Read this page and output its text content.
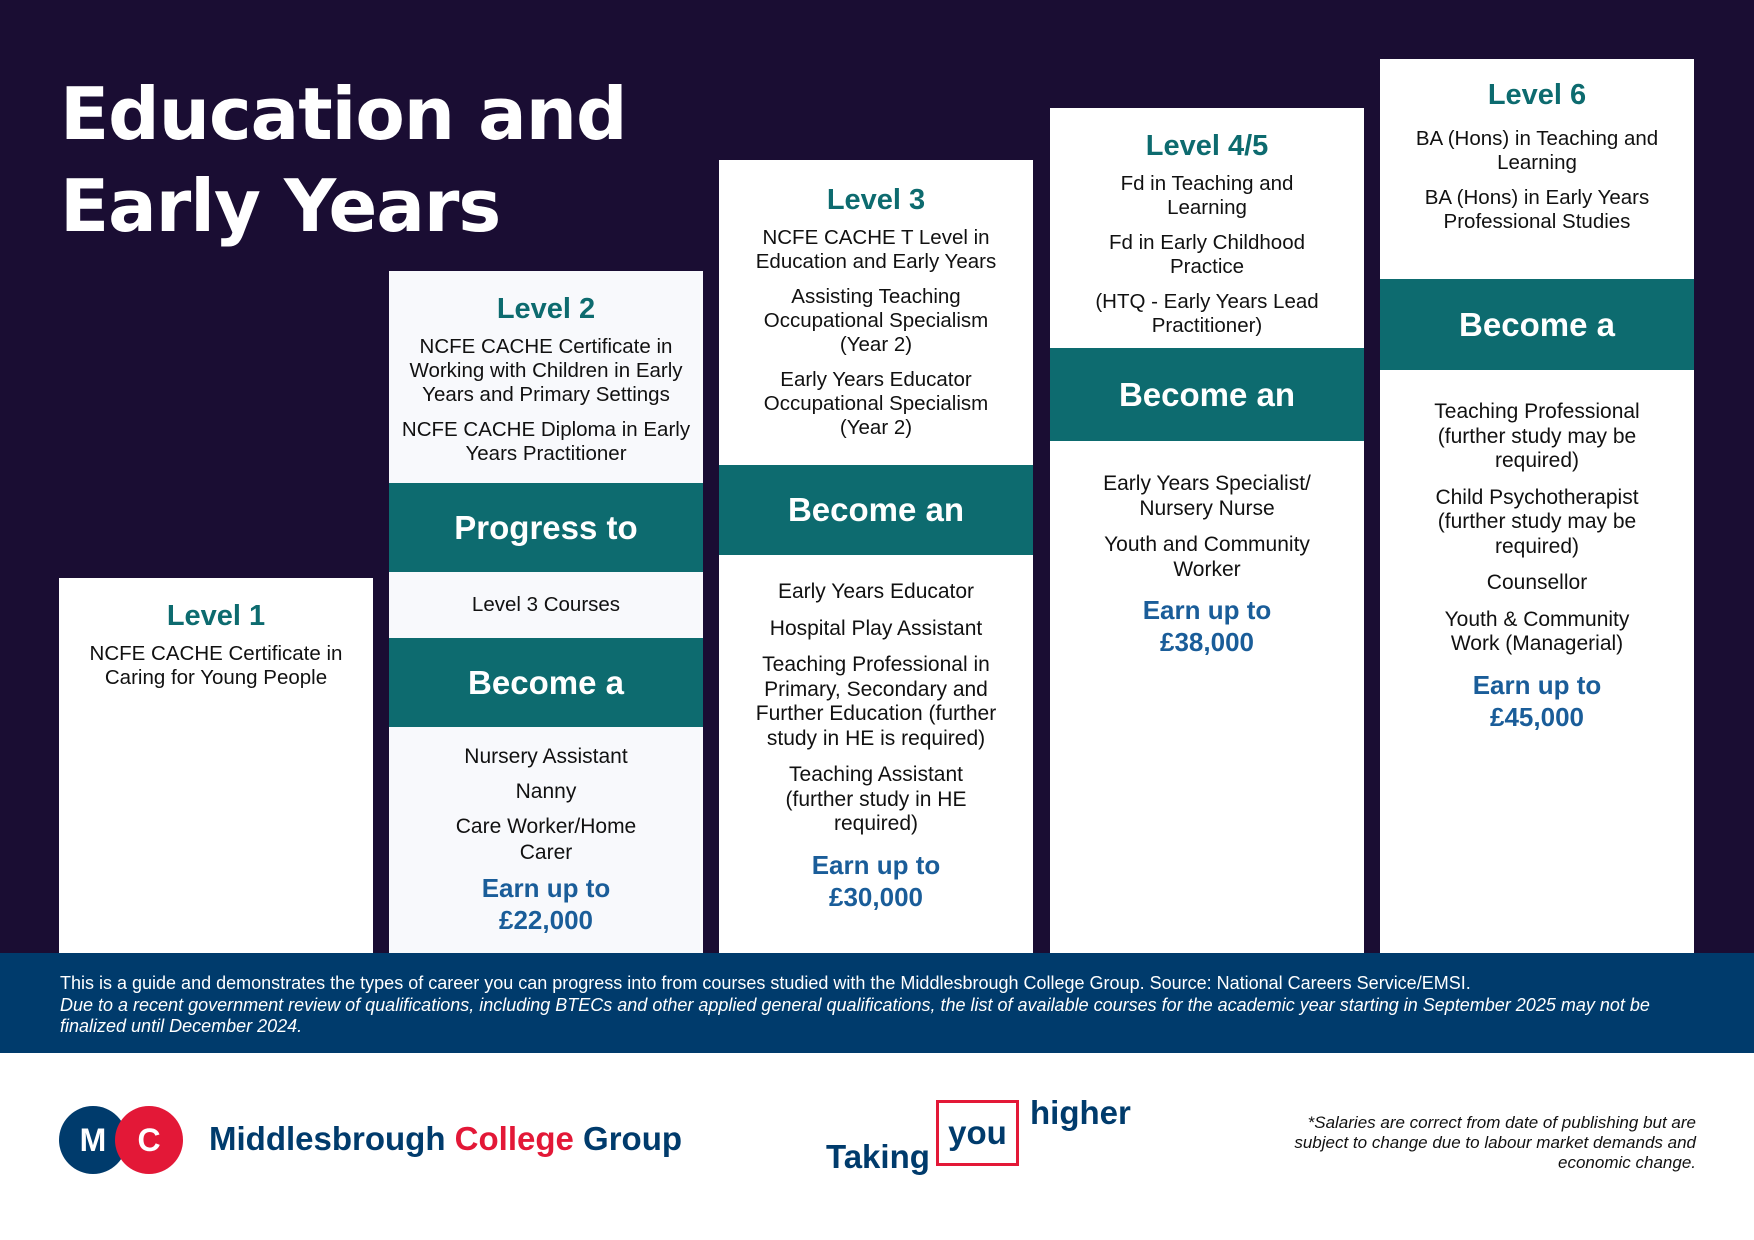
Education and
Early Years
Level 1

NCFE CACHE Certificate in Caring for Young People

Level 2

NCFE CACHE Certificate in Working with Children in Early Years and Primary Settings

NCFE CACHE Diploma in Early Years Practitioner

Progress to
Level 3 Courses
Become a

Nursery Assistant

Nanny

Care Worker/Home Carer

Earn up to
£22,000
Level 3

NCFE CACHE T Level in Education and Early Years

Assisting Teaching Occupational Specialism (Year 2)

Early Years Educator Occupational Specialism (Year 2)

Become an

Early Years Educator

Hospital Play Assistant

Teaching Professional in Primary, Secondary and Further Education (further study in HE is required)

Teaching Assistant (further study in HE required)

Earn up to
£30,000
Level 4/5

Fd in Teaching and Learning

Fd in Early Childhood Practice

(HTQ - Early Years Lead Practitioner)

Become an

Early Years Specialist/ Nursery Nurse

Youth and Community Worker

Earn up to
£38,000
Level 6

BA (Hons) in Teaching and Learning

BA (Hons) in Early Years Professional Studies

Become a

Teaching Professional (further study may be required)

Child Psychotherapist (further study may be required)

Counsellor

Youth & Community Work (Managerial)

Earn up to
£45,000
This is a guide and demonstrates the types of career you can progress into from courses studied with the Middlesbrough College Group. Source: National Careers Service/EMSI.
Due to a recent government review of qualifications, including BTECs and other applied general qualifications, the list of available courses for the academic year starting in September 2025 may not be finalized until December 2024.
M C	Middlesbrough College Group	Taking
you
higher	*Salaries are correct from date of publishing but are subject to change due to labour market demands and economic change.
